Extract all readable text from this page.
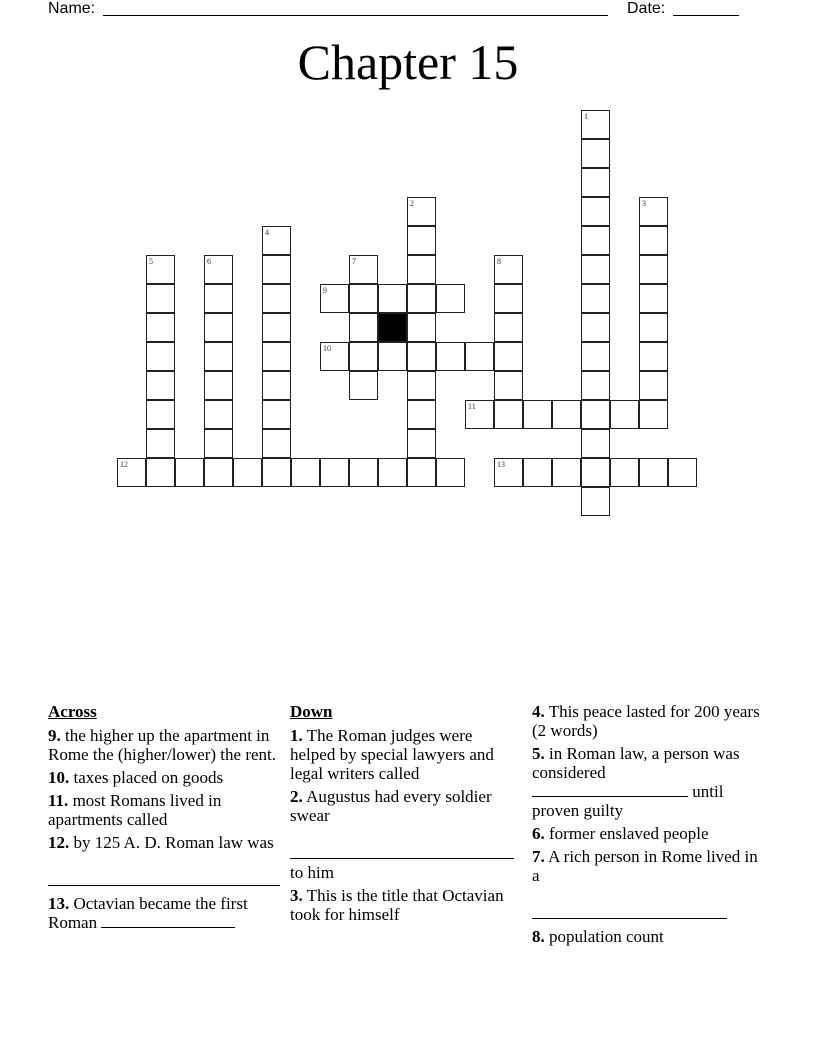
Name:	Date:
Chapter 15
1
2	3
4
5	6	7	8
9
10
11
12	13
Across
9. the higher up the apartment in Rome the (higher/lower) the rent.
10. taxes placed on goods
11. most Romans lived in apartments called
12. by 125 A. D. Roman law was

13. Octavian became the first Roman
Down
1. The Roman judges were helped by special lawyers and legal writers called
2. Augustus had every soldier swear

to him
3. This is the title that Octavian took for himself
4. This peace lasted for 200 years (2 words)
5. in Roman law, a person was considered
until proven guilty
6. former enslaved people
7. A rich person in Rome lived in a

8. population count
